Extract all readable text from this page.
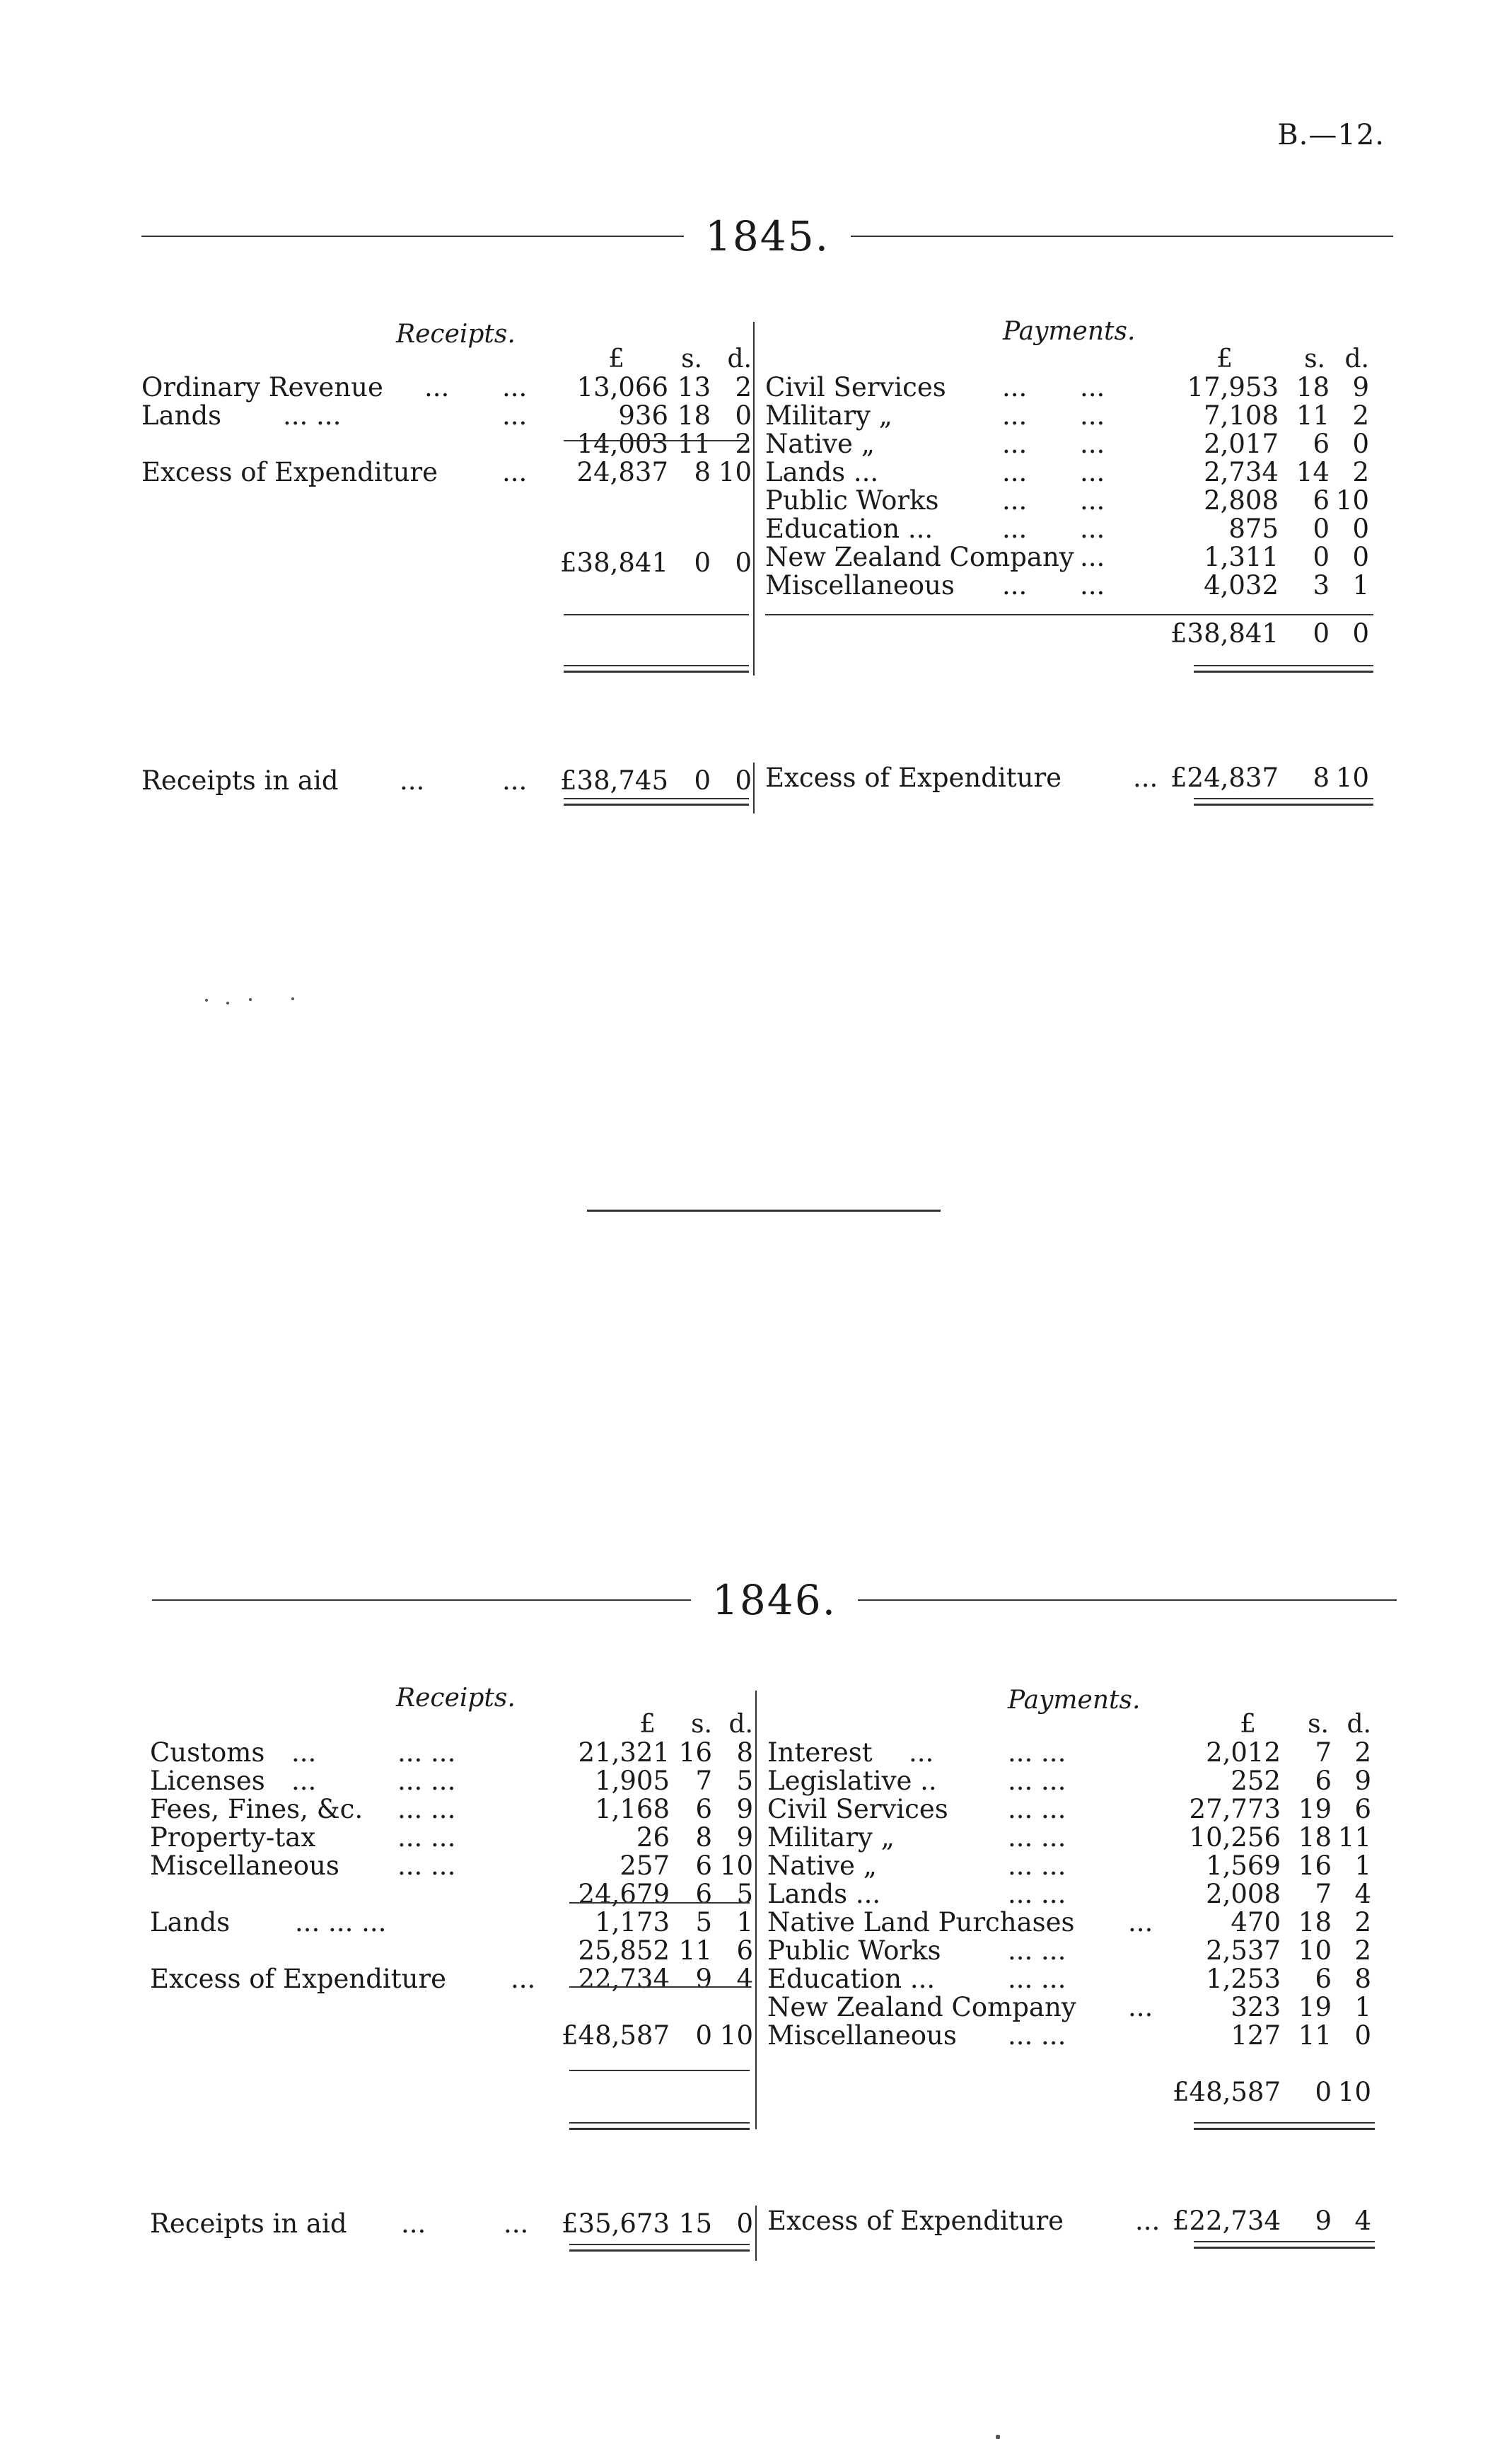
B.—12.
1845.
Receipts.	Payments.
£ s. d.
Ordinary Revenue ... ... 13,066 13 2
Lands ... ...	...	936 18 0
14,003 11 2
Excess of Expenditure ... 24,837 8 10
£38,841 0 0
£	s. d.
Civil Services ... ...	17,953 18 9
Military „	... ...	7,108 11 2
Native „	... ...	2,017 6 0
Lands ...	... ...	2,734 14 2
Public Works ... ...	2,808 6 10
Education ...	... ...	875 0 0
New Zealand Company ...	1,311 0 0
Miscellaneous ... ...	4,032 3 1
£38,841 0 0
Receipts in aid ...	... £38,745 0 0 Excess of Expenditure	... £24,837 8 10
1846.
Receipts.	Payments.
£ s. d.
Customs ...	... ...	21,321 16 8
Licenses ...	... ...	1,905 7 5
Fees, Fines, &c. ... ...	1,168 6 9
Property-tax	... ...	26 8 9
Miscellaneous ... ...	257 6 10
24,679 6 5
Lands ... ... ...	1,173 5 1
25,852 11 6
Excess of Expenditure ... 22,734 9 4
£48,587 0 10
£ s. d.
Interest ...	... ...	2,012 7 2
Legislative ..	... ...	252 6 9
Civil Services ... ...	27,773 19 6
Military „	... ...	10,256 18 11
Native „	... ...	1,569 16 1
Lands ...	... ...	2,008 7 4
Native Land Purchases ...	470 18 2
Public Works	... ...	2,537 10 2
Education ...	... ...	1,253 6 8
New Zealand Company ...	323 19 1
Miscellaneous ... ...	127 11 0
£48,587 0 10
Receipts in aid ...	... £35,673 15 0 Excess of Expenditure	... £22,734 9 4
